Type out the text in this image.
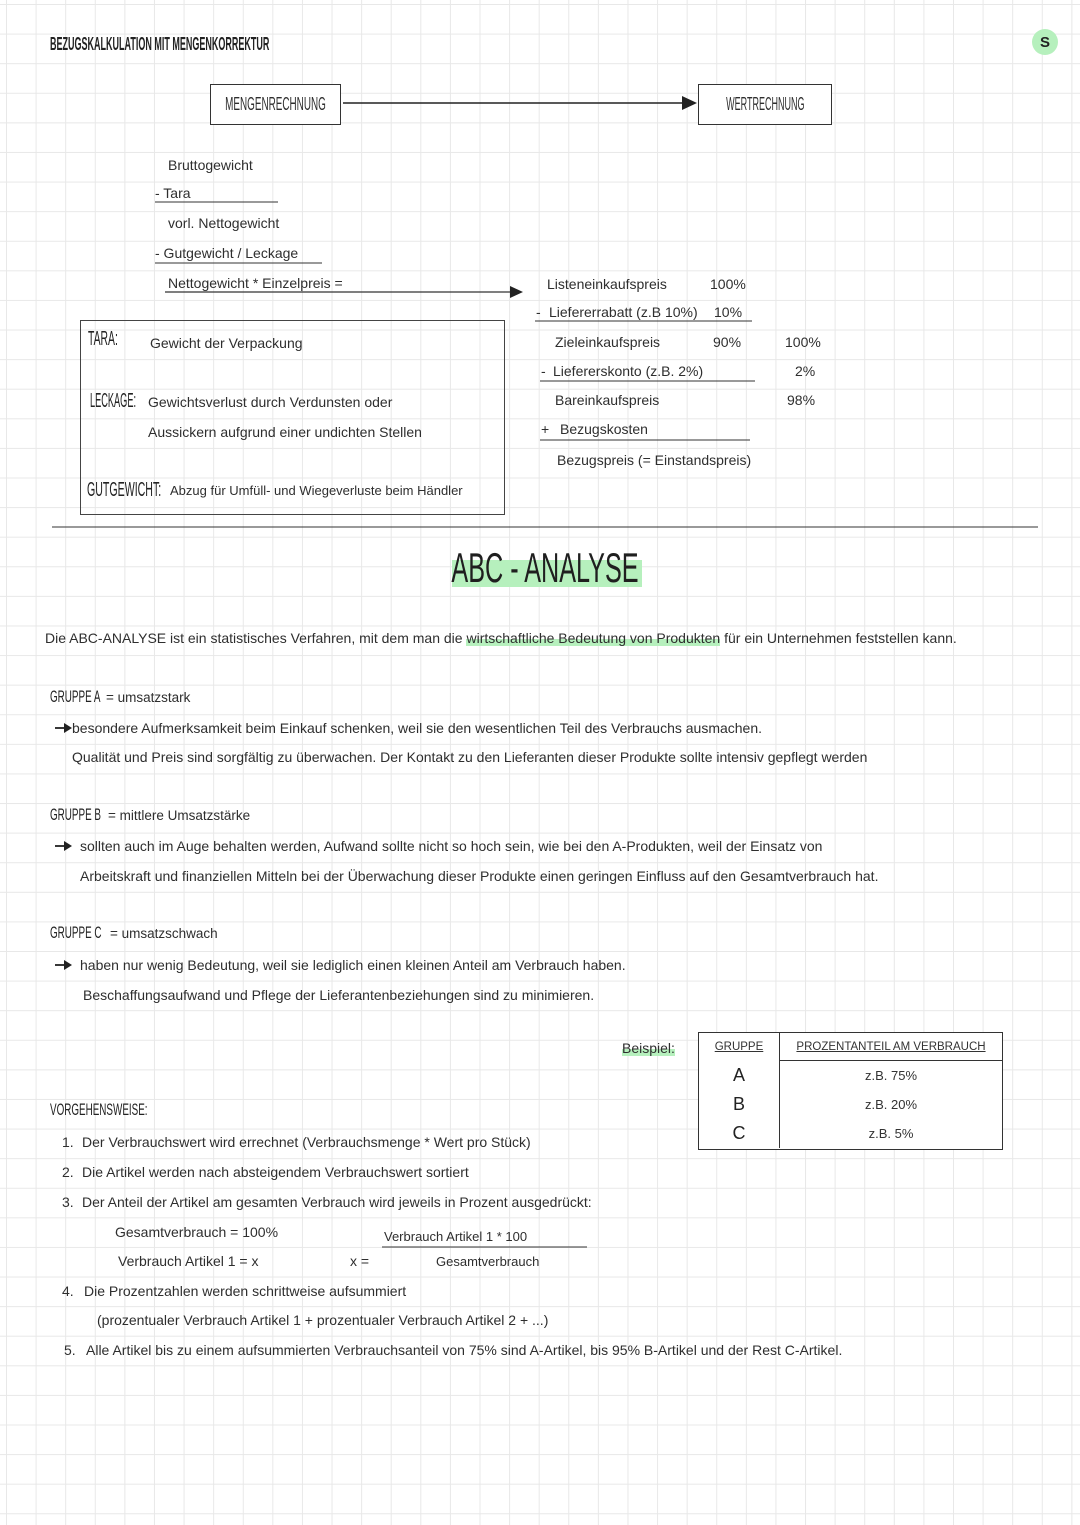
BEZUGSKALKULATION MIT MENGENKORREKTUR	S
MENGENRECHNUNG	WERTRECHNUNG
Bruttogewicht
- Tara
vorl. Nettogewicht
- Gutgewicht / Leckage
Nettogewicht * Einzelpreis =	Listeneinkaufspreis	100%
- Liefererrabatt (z.B 10%) 10%
Zieleinkaufspreis	90%	100%
- Liefererskonto (z.B. 2%)	2%
Bareinkaufspreis	98%
+ Bezugskosten
Bezugspreis (= Einstandspreis)
TARA: Gewicht der Verpackung
LECKAGE: Gewichtsverlust durch Verdunsten oder
Aussickern aufgrund einer undichten Stellen
GUTGEWICHT: Abzug für Umfüll- und Wiegeverluste beim Händler
ABC - ANALYSE
Die ABC-ANALYSE ist ein statistisches Verfahren, mit dem man die wirtschaftliche Bedeutung von Produkten für ein Unternehmen feststellen kann.
GRUPPE A = umsatzstark
besondere Aufmerksamkeit beim Einkauf schenken, weil sie den wesentlichen Teil des Verbrauchs ausmachen.
Qualität und Preis sind sorgfältig zu überwachen. Der Kontakt zu den Lieferanten dieser Produkte sollte intensiv gepflegt werden
GRUPPE B = mittlere Umsatzstärke
sollten auch im Auge behalten werden, Aufwand sollte nicht so hoch sein, wie bei den A-Produkten, weil der Einsatz von
Arbeitskraft und finanziellen Mitteln bei der Überwachung dieser Produkte einen geringen Einfluss auf den Gesamtverbrauch hat.
GRUPPE C = umsatzschwach
haben nur wenig Bedeutung, weil sie lediglich einen kleinen Anteil am Verbrauch haben.
Beschaffungsaufwand und Pflege der Lieferantenbeziehungen sind zu minimieren.
Beispiel:	GRUPPE	PROZENTANTEIL AM VERBRAUCH
A	z.B. 75%
B	z.B. 20%
C	z.B. 5%
VORGEHENSWEISE:
1. Der Verbrauchswert wird errechnet (Verbrauchsmenge * Wert pro Stück)
2. Die Artikel werden nach absteigendem Verbrauchswert sortiert
3. Der Anteil der Artikel am gesamten Verbrauch wird jeweils in Prozent ausgedrückt:
Gesamtverbrauch = 100%
Verbrauch Artikel 1 = x	x =
Verbrauch Artikel 1 * 100
Gesamtverbrauch
4. Die Prozentzahlen werden schrittweise aufsummiert
(prozentualer Verbrauch Artikel 1 + prozentualer Verbrauch Artikel 2 + ...)
5. Alle Artikel bis zu einem aufsummierten Verbrauchsanteil von 75% sind A-Artikel, bis 95% B-Artikel und der Rest C-Artikel.
